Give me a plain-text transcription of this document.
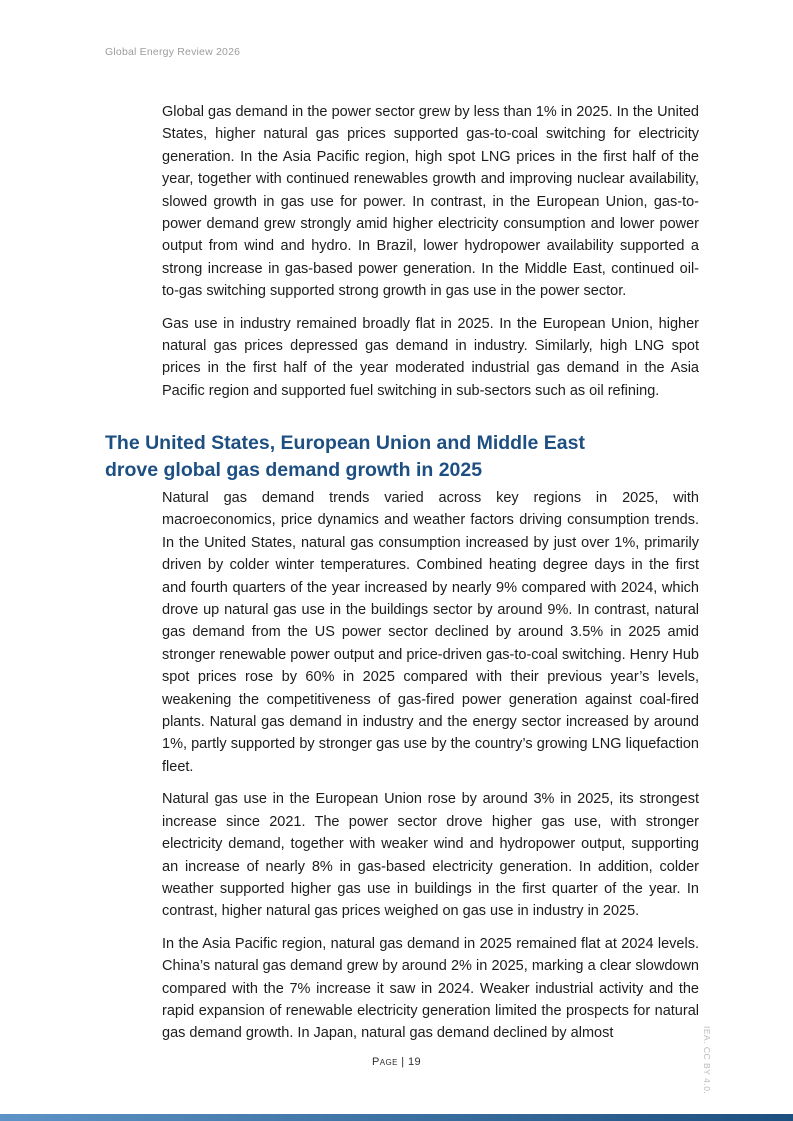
Global Energy Review 2026

Global gas demand in the power sector grew by less than 1% in 2025. In the United States, higher natural gas prices supported gas-to-coal switching for electricity generation. In the Asia Pacific region, high spot LNG prices in the first half of the year, together with continued renewables growth and improving nuclear availability, slowed growth in gas use for power. In contrast, in the European Union, gas-to-power demand grew strongly amid higher electricity consumption and lower power output from wind and hydro. In Brazil, lower hydropower availability supported a strong increase in gas-based power generation. In the Middle East, continued oil-to-gas switching supported strong growth in gas use in the power sector.

Gas use in industry remained broadly flat in 2025. In the European Union, higher natural gas prices depressed gas demand in industry. Similarly, high LNG spot prices in the first half of the year moderated industrial gas demand in the Asia Pacific region and supported fuel switching in sub-sectors such as oil refining.

The United States, European Union and Middle East drove global gas demand growth in 2025

Natural gas demand trends varied across key regions in 2025, with macroeconomics, price dynamics and weather factors driving consumption trends. In the United States, natural gas consumption increased by just over 1%, primarily driven by colder winter temperatures. Combined heating degree days in the first and fourth quarters of the year increased by nearly 9% compared with 2024, which drove up natural gas use in the buildings sector by around 9%. In contrast, natural gas demand from the US power sector declined by around 3.5% in 2025 amid stronger renewable power output and price-driven gas-to-coal switching. Henry Hub spot prices rose by 60% in 2025 compared with their previous year’s levels, weakening the competitiveness of gas-fired power generation against coal-fired plants. Natural gas demand in industry and the energy sector increased by around 1%, partly supported by stronger gas use by the country’s growing LNG liquefaction fleet.

Natural gas use in the European Union rose by around 3% in 2025, its strongest increase since 2021. The power sector drove higher gas use, with stronger electricity demand, together with weaker wind and hydropower output, supporting an increase of nearly 8% in gas-based electricity generation. In addition, colder weather supported higher gas use in buildings in the first quarter of the year. In contrast, higher natural gas prices weighed on gas use in industry in 2025.

In the Asia Pacific region, natural gas demand in 2025 remained flat at 2024 levels. China’s natural gas demand grew by around 2% in 2025, marking a clear slowdown compared with the 7% increase it saw in 2024. Weaker industrial activity and the rapid expansion of renewable electricity generation limited the prospects for natural gas demand growth. In Japan, natural gas demand declined by almost

Page | 19	IEA. CC BY 4.0.
